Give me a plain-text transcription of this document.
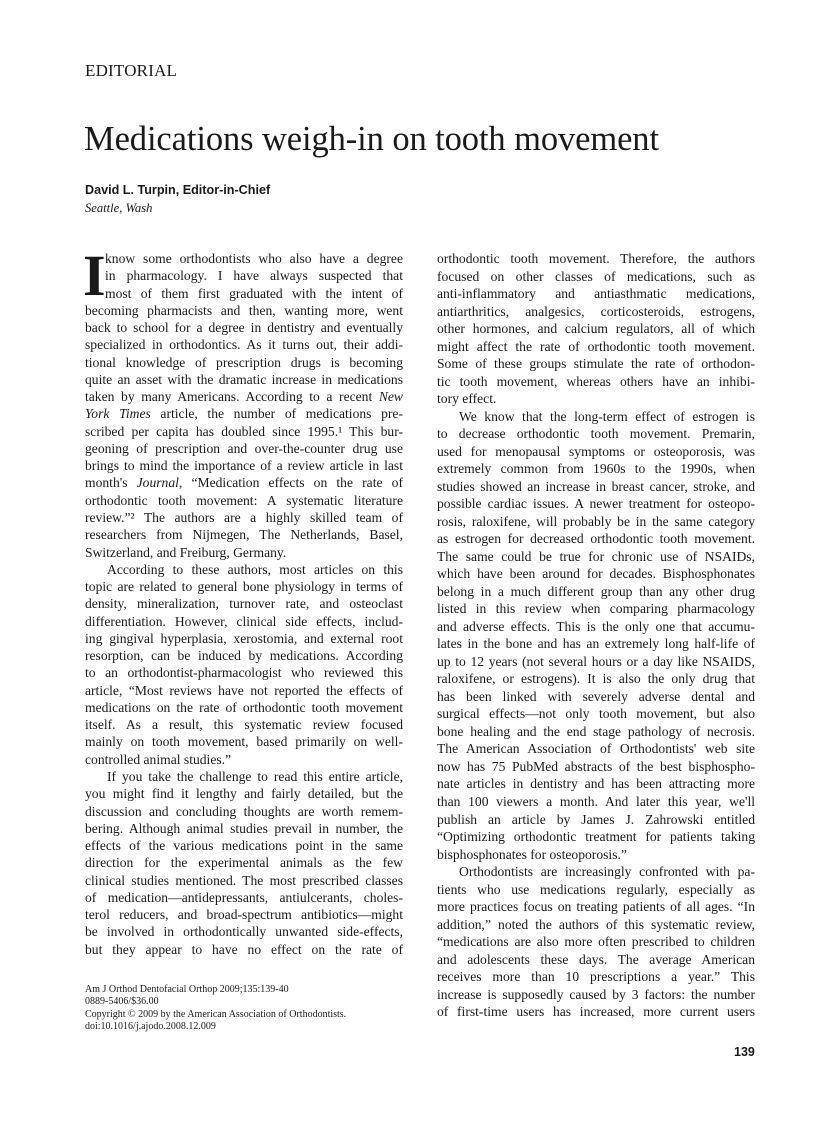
EDITORIAL
Medications weigh-in on tooth movement
David L. Turpin, Editor-in-Chief
Seattle, Wash
I know some orthodontists who also have a degree
in pharmacology. I have always suspected that
most of them first graduated with the intent of
becoming pharmacists and then, wanting more, went
back to school for a degree in dentistry and eventually
specialized in orthodontics. As it turns out, their addi-
tional knowledge of prescription drugs is becoming
quite an asset with the dramatic increase in medications
taken by many Americans. According to a recent New
York Times article, the number of medications pre-
scribed per capita has doubled since 1995.¹ This bur-
geoning of prescription and over-the-counter drug use
brings to mind the importance of a review article in last
month's Journal, “Medication effects on the rate of
orthodontic tooth movement: A systematic literature
review.”² The authors are a highly skilled team of
researchers from Nijmegen, The Netherlands, Basel,
Switzerland, and Freiburg, Germany.
According to these authors, most articles on this
topic are related to general bone physiology in terms of
density, mineralization, turnover rate, and osteoclast
differentiation. However, clinical side effects, includ-
ing gingival hyperplasia, xerostomia, and external root
resorption, can be induced by medications. According
to an orthodontist-pharmacologist who reviewed this
article, “Most reviews have not reported the effects of
medications on the rate of orthodontic tooth movement
itself. As a result, this systematic review focused
mainly on tooth movement, based primarily on well-
controlled animal studies.”
If you take the challenge to read this entire article,
you might find it lengthy and fairly detailed, but the
discussion and concluding thoughts are worth remem-
bering. Although animal studies prevail in number, the
effects of the various medications point in the same
direction for the experimental animals as the few
clinical studies mentioned. The most prescribed classes
of medication—antidepressants, antiulcerants, choles-
terol reducers, and broad-spectrum antibiotics—might
be involved in orthodontically unwanted side-effects,
but they appear to have no effect on the rate of
orthodontic tooth movement. Therefore, the authors
focused on other classes of medications, such as
anti-inflammatory and antiasthmatic medications,
antiarthritics, analgesics, corticosteroids, estrogens,
other hormones, and calcium regulators, all of which
might affect the rate of orthodontic tooth movement.
Some of these groups stimulate the rate of orthodon-
tic tooth movement, whereas others have an inhibi-
tory effect.
We know that the long-term effect of estrogen is
to decrease orthodontic tooth movement. Premarin,
used for menopausal symptoms or osteoporosis, was
extremely common from 1960s to the 1990s, when
studies showed an increase in breast cancer, stroke, and
possible cardiac issues. A newer treatment for osteopo-
rosis, raloxifene, will probably be in the same category
as estrogen for decreased orthodontic tooth movement.
The same could be true for chronic use of NSAIDs,
which have been around for decades. Bisphosphonates
belong in a much different group than any other drug
listed in this review when comparing pharmacology
and adverse effects. This is the only one that accumu-
lates in the bone and has an extremely long half-life of
up to 12 years (not several hours or a day like NSAIDS,
raloxifene, or estrogens). It is also the only drug that
has been linked with severely adverse dental and
surgical effects—not only tooth movement, but also
bone healing and the end stage pathology of necrosis.
The American Association of Orthodontists' web site
now has 75 PubMed abstracts of the best bisphospho-
nate articles in dentistry and has been attracting more
than 100 viewers a month. And later this year, we'll
publish an article by James J. Zahrowski entitled
“Optimizing orthodontic treatment for patients taking
bisphosphonates for osteoporosis.”
Orthodontists are increasingly confronted with pa-
tients who use medications regularly, especially as
more practices focus on treating patients of all ages. “In
addition,” noted the authors of this systematic review,
“medications are also more often prescribed to children
and adolescents these days. The average American
receives more than 10 prescriptions a year.” This
increase is supposedly caused by 3 factors: the number
of first-time users has increased, more current users
Am J Orthod Dentofacial Orthop 2009;135:139-40
0889-5406/$36.00
Copyright © 2009 by the American Association of Orthodontists.
doi:10.1016/j.ajodo.2008.12.009
139
